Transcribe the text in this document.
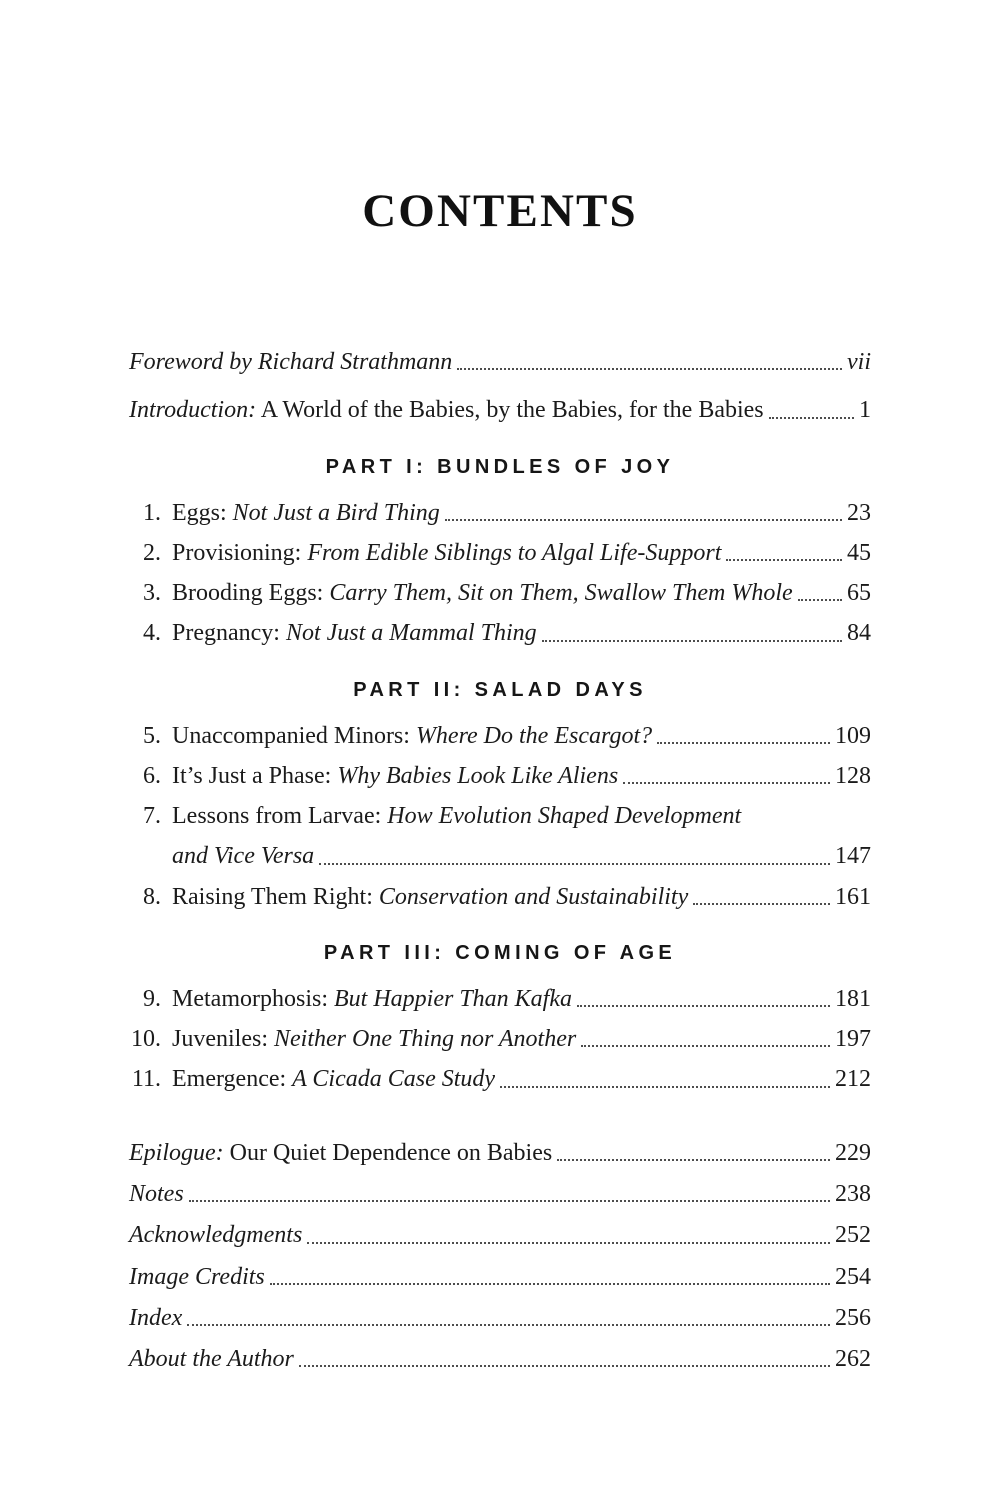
CONTENTS
Foreword by Richard Strathmann	vii
Introduction: A World of the Babies, by the Babies, for the Babies	1
PART I: BUNDLES OF JOY
1. Eggs: Not Just a Bird Thing	23
2. Provisioning: From Edible Siblings to Algal Life-Support	45
3. Brooding Eggs: Carry Them, Sit on Them, Swallow Them Whole 65
4. Pregnancy: Not Just a Mammal Thing	84
PART II: SALAD DAYS
5. Unaccompanied Minors: Where Do the Escargot?	109
6. It’s Just a Phase: Why Babies Look Like Aliens	128
7. Lessons from Larvae: How Evolution Shaped Development
and Vice Versa	147
8. Raising Them Right: Conservation and Sustainability	161
PART III: COMING OF AGE
9. Metamorphosis: But Happier Than Kafka	181
10. Juveniles: Neither One Thing nor Another	197
11. Emergence: A Cicada Case Study	212
Epilogue: Our Quiet Dependence on Babies	229
Notes	238
Acknowledgments	252
Image Credits	254
Index	256
About the Author	262
